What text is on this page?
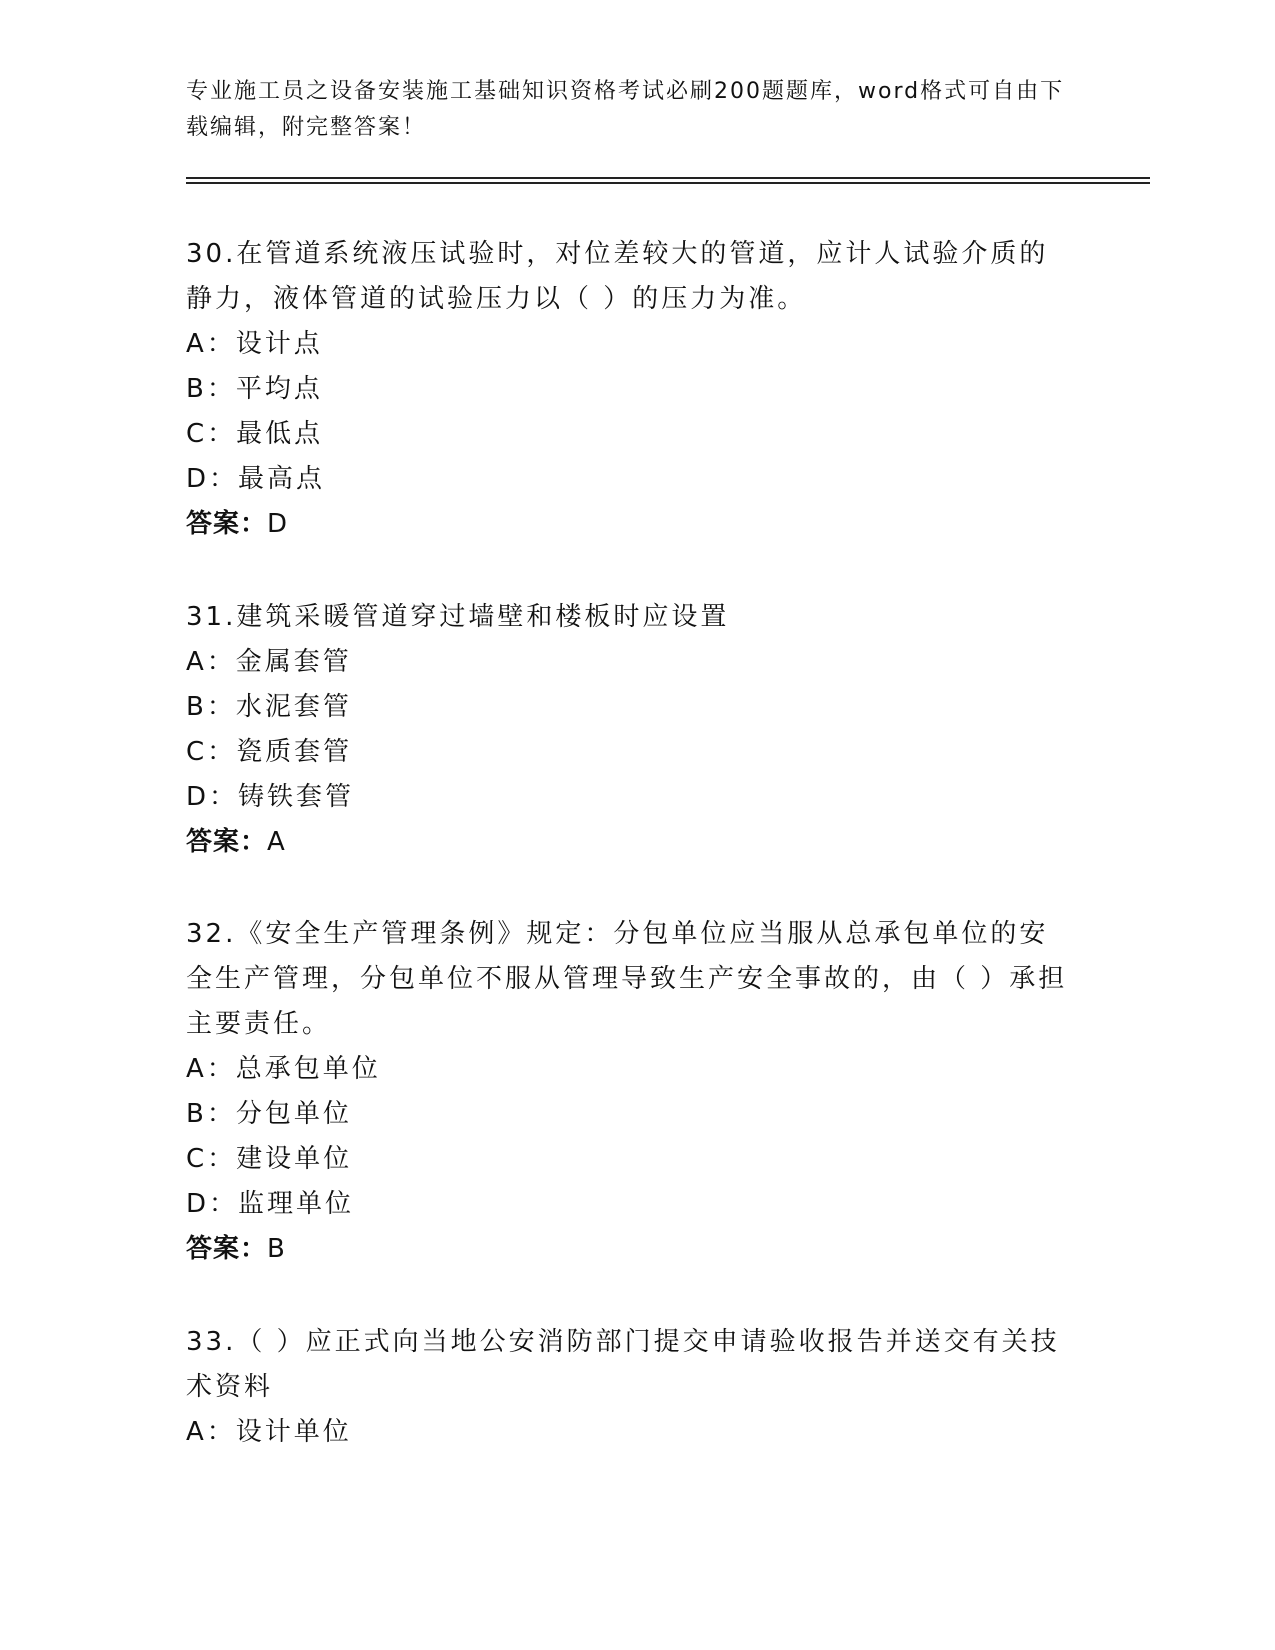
专业施工员之设备安装施工基础知识资格考试必刷200题题库，word格式可自由下载编辑，附完整答案！

30.在管道系统液压试验时，对位差较大的管道，应计人试验介质的静力，液体管道的试验压力以（ ）的压力为准。

A：设计点

B：平均点

C：最低点

D：最高点

答案：D

31.建筑采暖管道穿过墙壁和楼板时应设置

A：金属套管

B：水泥套管

C：瓷质套管

D：铸铁套管

答案：A

32.《安全生产管理条例》规定：分包单位应当服从总承包单位的安全生产管理，分包单位不服从管理导致生产安全事故的，由（ ）承担主要责任。

A：总承包单位

B：分包单位

C：建设单位

D：监理单位

答案：B

33.（ ）应正式向当地公安消防部门提交申请验收报告并送交有关技术资料

A：设计单位
